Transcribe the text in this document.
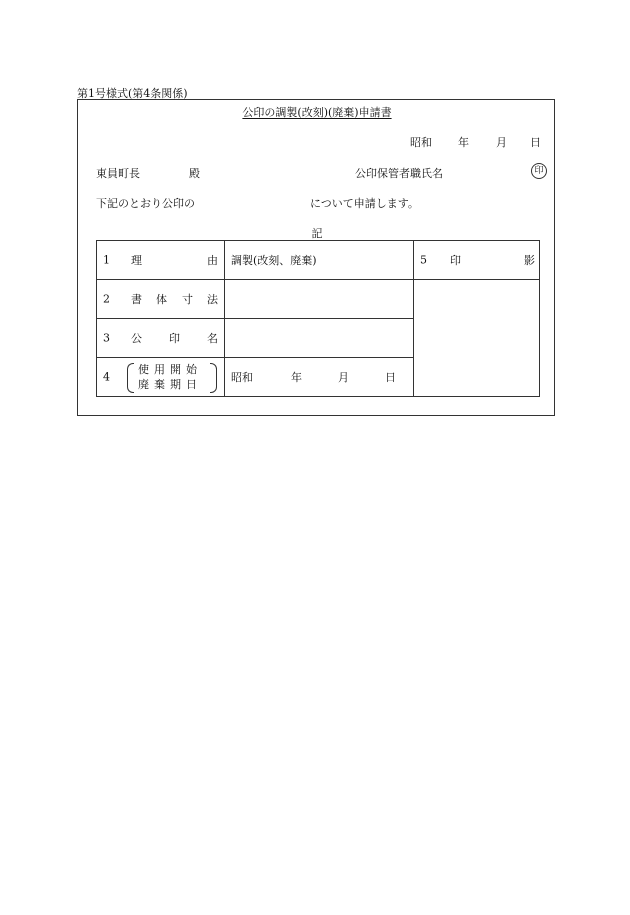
第1号様式(第4条関係)
公印の調製(改刻)(廃棄)申請書
昭和 年 月 日
東員町長	殿	公印保管者職氏名	印
下記のとおり公印の	について申請します。
記
1 理 由	調製(改刻、廃棄)	5 印 影

2 書 体 寸 法		

3 公 印 名		

4
使用開始
廃棄期日	昭和 年 月 日	
